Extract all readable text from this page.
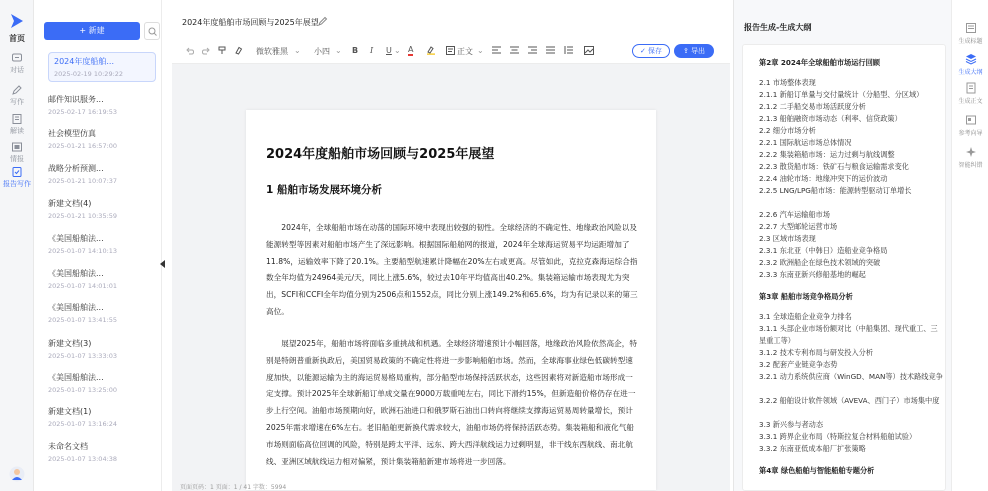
首页
对话
写作
解读
情报
报告写作
+ 新建
2024年度船舶...
2025-02-19 10:29:22
邮件知识服务...
2025-02-17 16:19:53
社会模型仿真
2025-01-21 16:57:00
战略分析预测...
2025-01-21 10:07:37
新建文档(4)
2025-01-21 10:35:59
《美国船舶法...
2025-01-07 14:10:13
《美国船舶法...
2025-01-07 14:01:01
《美国船舶法...
2025-01-07 13:41:55
新建文档(3)
2025-01-07 13:33:03
《美国船舶法...
2025-01-07 13:25:00
新建文档(1)
2025-01-07 13:16:24
未命名文档
2025-01-07 13:04:38
2024年度船舶市场回顾与2025年展望
微软雅黑 ⌄ 小四 ⌄ B I U ⌄ A	正文 ⌄	✓ 保存	⇪ 导出
2024年度船舶市场回顾与2025年展望
1 船舶市场发展环境分析
2024年，全球船舶市场在动荡的国际环境中表现出较强的韧性。全球经济的不确定性、地缘政治风险以及能源转型等因素对船舶市场产生了深远影响。根据国际船舶网的报道，2024年全球海运贸易平均运距增加了11.8%，运输效率下降了20.1%。主要船型航速累计降幅在20%左右或更高。尽管如此，克拉克森海运综合指数全年均值为24964美元/天，同比上涨5.6%，较过去10年平均值高出40.2%。集装箱运输市场表现尤为突出，SCFI和CCFI全年均值分别为2506点和1552点，同比分别上涨149.2%和65.6%，均为有记录以来的第三高位。
展望2025年，船舶市场将面临多重挑战和机遇。全球经济增速预计小幅回落，地缘政治风险依然高企，特别是特朗普重新执政后，美国贸易政策的不确定性将进一步影响船舶市场。然而，全球海事业绿色低碳转型速度加快，以能源运输为主的海运贸易格局重构，部分船型市场保持活跃状态，这些因素将对新造船市场形成一定支撑。预计2025年全球新船订单成交量在9000万载重吨左右，同比下滑约15%，但新造船价格仍存在进一步上行空间。油船市场预期向好，欧洲石油进口和俄罗斯石油出口转向将继续支撑海运贸易周转量增长，预计2025年需求增速在6%左右。老旧船舶更新换代需求较大，油船市场仍将保持活跃态势。集装箱船和液化气船市场则面临高位回调的风险，特别是跨太平洋、远东、跨大西洋航线运力过剩明显，非干线东西航线、南北航线、亚洲区域航线运力相对偏紧，预计集装箱船新建市场将进一步回落。
页面页码：1 页面：1 / 41 字数：5994
报告生成-生成大纲
第2章 2024年全球船舶市场运行回顾
2.1 市场整体表现
2.1.1 新船订单量与交付量统计（分船型、分区域）
2.1.2 二手船交易市场活跃度分析
2.1.3 船舶融资市场动态（利率、信贷政策）
2.2 细分市场分析
2.2.1 国际航运市场总体情况
2.2.2 集装箱船市场：运力过剩与航线调整
2.2.3 散货船市场：铁矿石与粮食运输需求变化
2.2.4 油轮市场：地缘冲突下的运价波动
2.2.5 LNG/LPG船市场：能源转型驱动订单增长
2.2.6 汽车运输船市场
2.2.7 大型邮轮运营市场
2.3 区域市场表现
2.3.1 东北亚（中韩日）造船业竞争格局
2.3.2 欧洲船企在绿色技术领域的突破
2.3.3 东南亚新兴修船基地的崛起
第3章 船舶市场竞争格局分析
3.1 全球造船企业竞争力排名
3.1.1 头部企业市场份额对比（中船集团、现代重工、三星重工等）
3.1.2 技术专利布局与研发投入分析
3.2 配套产业链竞争态势
3.2.1 动力系统供应商（WinGD、MAN等）技术路线竞争
3.2.2 船舶设计软件领域（AVEVA、西门子）市场集中度
3.3 新兴参与者动态
3.3.1 跨界企业布局（特斯拉复合材料船舶试验）
3.3.2 东南亚低成本船厂扩张策略
第4章 绿色船舶与智能船舶专题分析
生成标题
生成大纲
生成正文
参考向导
智能纠错
